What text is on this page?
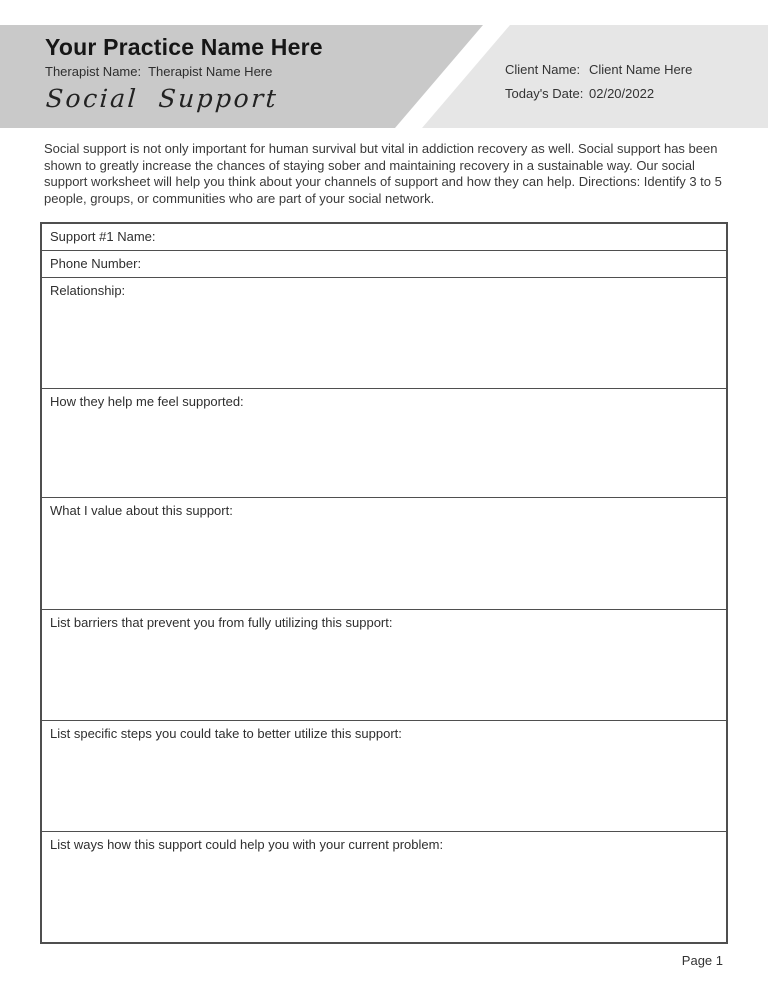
Your Practice Name Here
Therapist Name: Therapist Name Here
Social Support
Client Name: Client Name Here
Today's Date: 02/20/2022

Social support is not only important for human survival but vital in addiction recovery as well. Social support has been shown to greatly increase the chances of staying sober and maintaining recovery in a sustainable way. Our social support worksheet will help you think about your channels of support and how they can help. Directions: Identify 3 to 5 people, groups, or communities who are part of your social network.

Support #1 Name:
Phone Number:
Relationship:
How they help me feel supported:
What I value about this support:
List barriers that prevent you from fully utilizing this support:
List specific steps you could take to better utilize this support:
List ways how this support could help you with your current problem:
Page 1
